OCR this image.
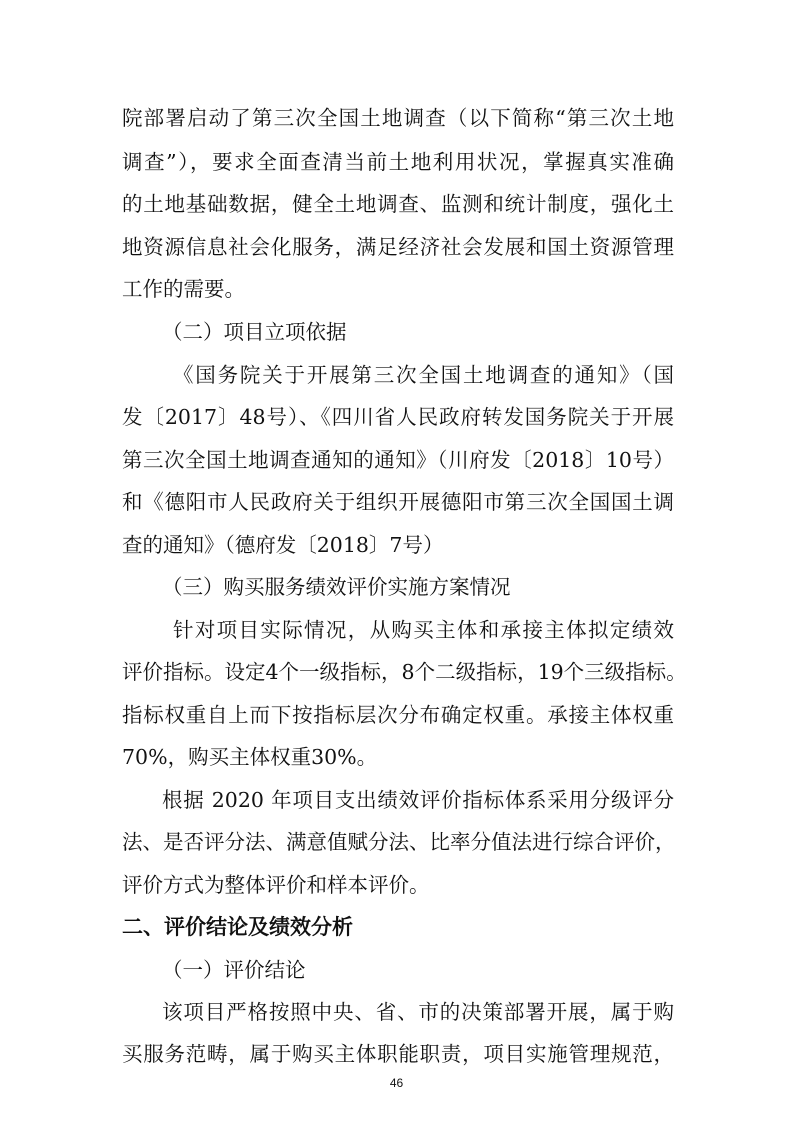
院部署启动了第三次全国土地调查（以下简称“第三次土地
调查”），要求全面查清当前土地利用状况，掌握真实准确
的土地基础数据，健全土地调查、监测和统计制度，强化土
地资源信息社会化服务，满足经济社会发展和国土资源管理
工作的需要。
（二）项目立项依据
《国务院关于开展第三次全国土地调查的通知》（国
发〔2017〕48号）、《四川省人民政府转发国务院关于开展
第三次全国土地调查通知的通知》（川府发〔2018〕10号）
和《德阳市人民政府关于组织开展德阳市第三次全国国土调
查的通知》（德府发〔2018〕7号）
（三）购买服务绩效评价实施方案情况
针对项目实际情况，从购买主体和承接主体拟定绩效
评价指标。设定4个一级指标，8个二级指标，19个三级指标。
指标权重自上而下按指标层次分布确定权重。承接主体权重
70%，购买主体权重30%。
根据 2020 年项目支出绩效评价指标体系采用分级评分
法、是否评分法、满意值赋分法、比率分值法进行综合评价，
评价方式为整体评价和样本评价。
二、评价结论及绩效分析
（一）评价结论
该项目严格按照中央、省、市的决策部署开展，属于购
买服务范畴，属于购买主体职能职责，项目实施管理规范，
46
